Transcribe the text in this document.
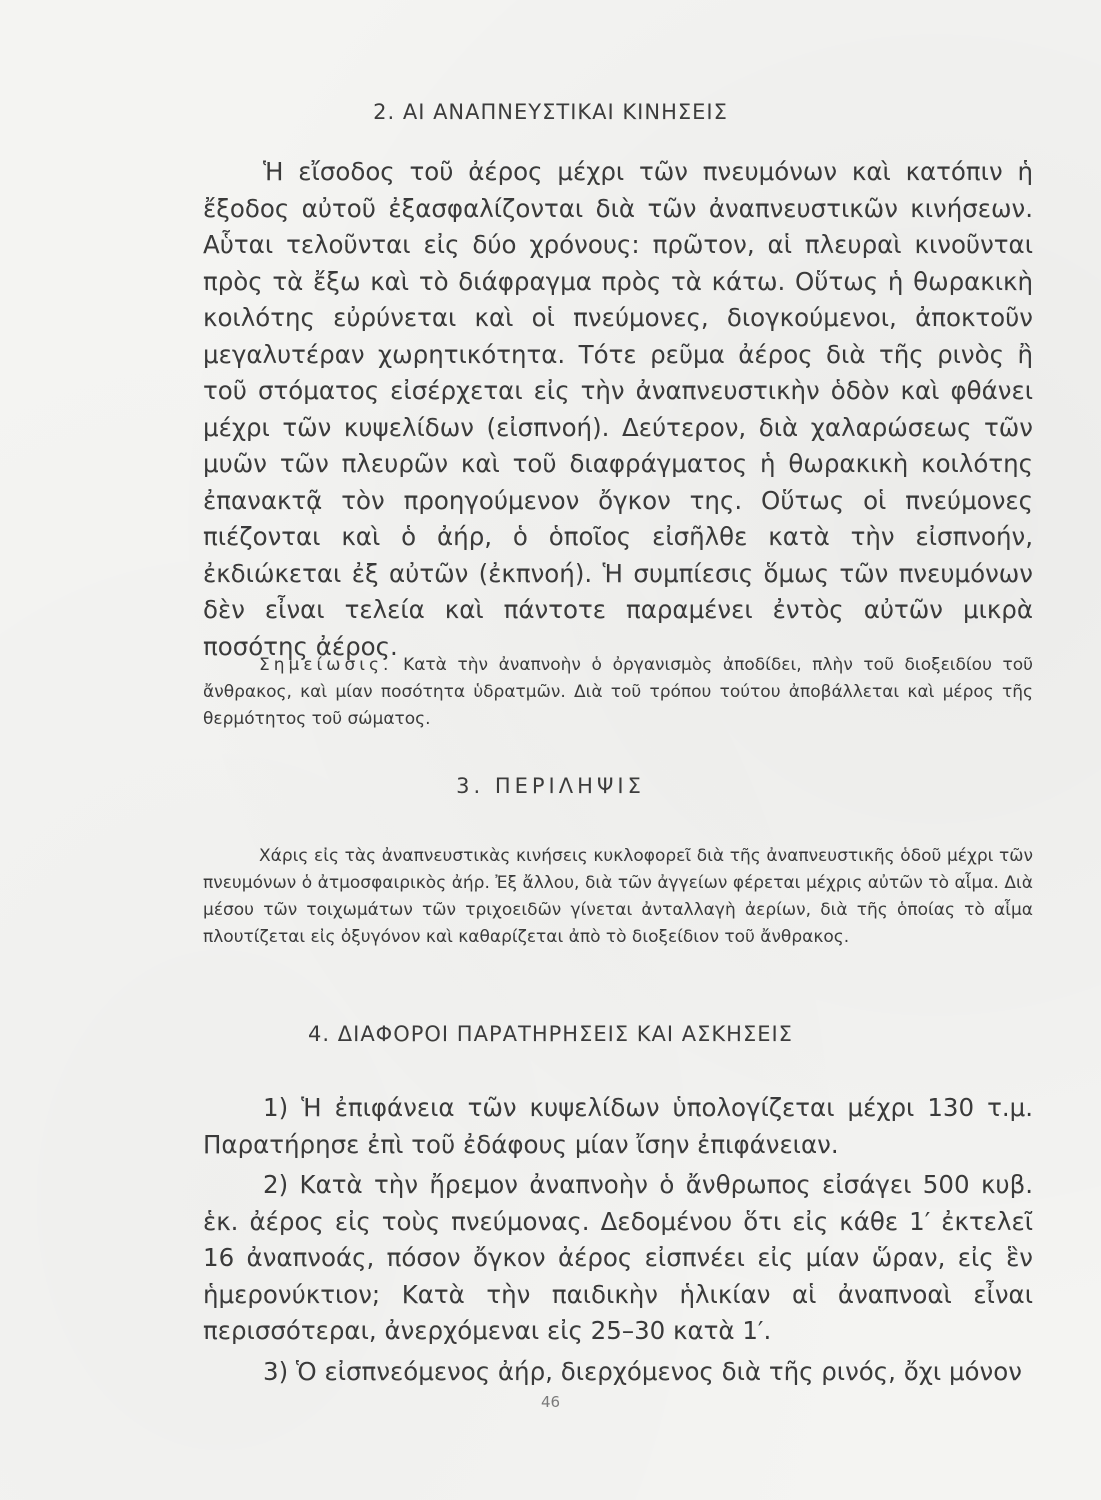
2. ΑΙ ΑΝΑΠΝΕΥΣΤΙΚΑΙ ΚΙΝΗΣΕΙΣ

Ἡ εἴσοδος τοῦ ἀέρος μέχρι τῶν πνευμόνων καὶ κατόπιν ἡ ἔξοδος αὐτοῦ ἐξασφαλίζονται διὰ τῶν ἀναπνευστικῶν κινήσεων. Αὗται τελοῦνται εἰς δύο χρόνους: πρῶτον, αἱ πλευραὶ κινοῦνται πρὸς τὰ ἔξω καὶ τὸ διάφραγμα πρὸς τὰ κάτω. Οὕτως ἡ θωρακικὴ κοιλότης εὐρύνεται καὶ οἱ πνεύμονες, διογκούμενοι, ἀποκτοῦν μεγαλυτέραν χωρητικότητα. Τότε ρεῦμα ἀέρος διὰ τῆς ρινὸς ἢ τοῦ στόματος εἰσέρχεται εἰς τὴν ἀναπνευστικὴν ὁδὸν καὶ φθάνει μέχρι τῶν κυψελίδων (εἰσπνοή). Δεύτερον, διὰ χαλαρώσεως τῶν μυῶν τῶν πλευρῶν καὶ τοῦ διαφράγματος ἡ θωρακικὴ κοιλότης ἐπανακτᾷ τὸν προηγούμενον ὄγκον της. Οὕτως οἱ πνεύμονες πιέζονται καὶ ὁ ἀήρ, ὁ ὁποῖος εἰσῆλθε κατὰ τὴν εἰσπνοήν, ἐκδιώκεται ἐξ αὐτῶν (ἐκπνοή). Ἡ συμπίεσις ὅμως τῶν πνευμόνων δὲν εἶναι τελεία καὶ πάντοτε παραμένει ἐντὸς αὐτῶν μικρὰ ποσότης ἀέρος.

Σημείωσις. Κατὰ τὴν ἀναπνοὴν ὁ ὀργανισμὸς ἀποδίδει, πλὴν τοῦ διοξειδίου τοῦ ἄνθρακος, καὶ μίαν ποσότητα ὑδρατμῶν. Διὰ τοῦ τρόπου τούτου ἀποβάλλεται καὶ μέρος τῆς θερμότητος τοῦ σώματος.

3. ΠΕΡΙΛΗΨΙΣ

Χάρις εἰς τὰς ἀναπνευστικὰς κινήσεις κυκλοφορεῖ διὰ τῆς ἀναπνευστικῆς ὁδοῦ μέχρι τῶν πνευμόνων ὁ ἀτμοσφαιρικὸς ἀήρ. Ἐξ ἄλλου, διὰ τῶν ἀγγείων φέρεται μέχρις αὐτῶν τὸ αἷμα. Διὰ μέσου τῶν τοιχωμάτων τῶν τριχοειδῶν γίνεται ἀνταλλαγὴ ἀερίων, διὰ τῆς ὁποίας τὸ αἷμα πλουτίζεται εἰς ὀξυγόνον καὶ καθαρίζεται ἀπὸ τὸ διοξείδιον τοῦ ἄνθρακος.

4. ΔΙΑΦΟΡΟΙ ΠΑΡΑΤΗΡΗΣΕΙΣ ΚΑΙ ΑΣΚΗΣΕΙΣ

1) Ἡ ἐπιφάνεια τῶν κυψελίδων ὑπολογίζεται μέχρι 130 τ.μ. Παρατήρησε ἐπὶ τοῦ ἐδάφους μίαν ἴσην ἐπιφάνειαν.

2) Κατὰ τὴν ἤρεμον ἀναπνοὴν ὁ ἄνθρωπος εἰσάγει 500 κυβ. ἑκ. ἀέρος εἰς τοὺς πνεύμονας. Δεδομένου ὅτι εἰς κάθε 1′ ἐκτελεῖ 16 ἀναπνοάς, πόσον ὄγκον ἀέρος εἰσπνέει εἰς μίαν ὥραν, εἰς ἓν ἡμερονύκτιον; Κατὰ τὴν παιδικὴν ἡλικίαν αἱ ἀναπνοαὶ εἶναι περισσότεραι, ἀνερχόμεναι εἰς 25–30 κατὰ 1′.

3) Ὁ εἰσπνεόμενος ἀήρ, διερχόμενος διὰ τῆς ρινός, ὄχι μόνον

46
